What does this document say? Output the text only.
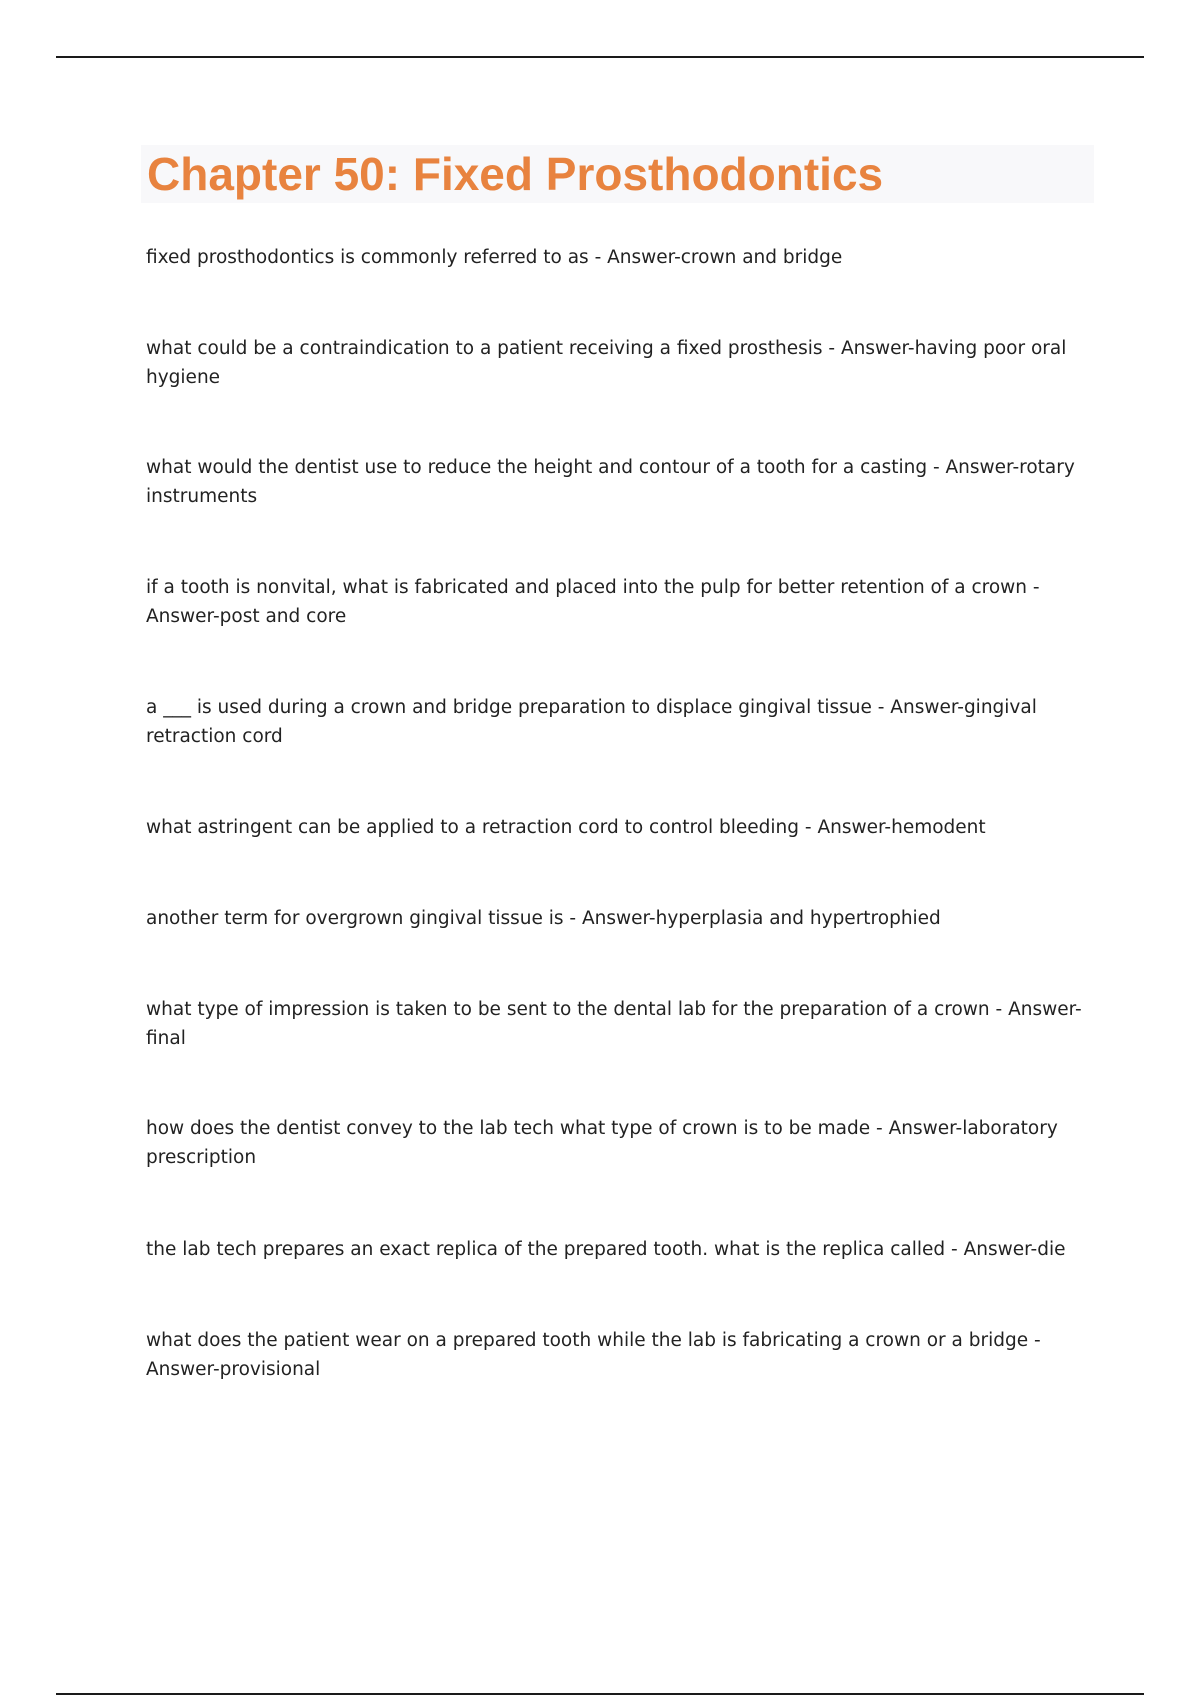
Chapter 50: Fixed Prosthodontics
fixed prosthodontics is commonly referred to as - Answer-crown and bridge
what could be a contraindication to a patient receiving a fixed prosthesis - Answer-having poor oral hygiene
what would the dentist use to reduce the height and contour of a tooth for a casting - Answer-rotary instruments
if a tooth is nonvital, what is fabricated and placed into the pulp for better retention of a crown - Answer-post and core
a ___ is used during a crown and bridge preparation to displace gingival tissue - Answer-gingival retraction cord
what astringent can be applied to a retraction cord to control bleeding - Answer-hemodent
another term for overgrown gingival tissue is - Answer-hyperplasia and hypertrophied
what type of impression is taken to be sent to the dental lab for the preparation of a crown - Answer-final
how does the dentist convey to the lab tech what type of crown is to be made - Answer-laboratory prescription
the lab tech prepares an exact replica of the prepared tooth. what is the replica called - Answer-die
what does the patient wear on a prepared tooth while the lab is fabricating a crown or a bridge - Answer-provisional
